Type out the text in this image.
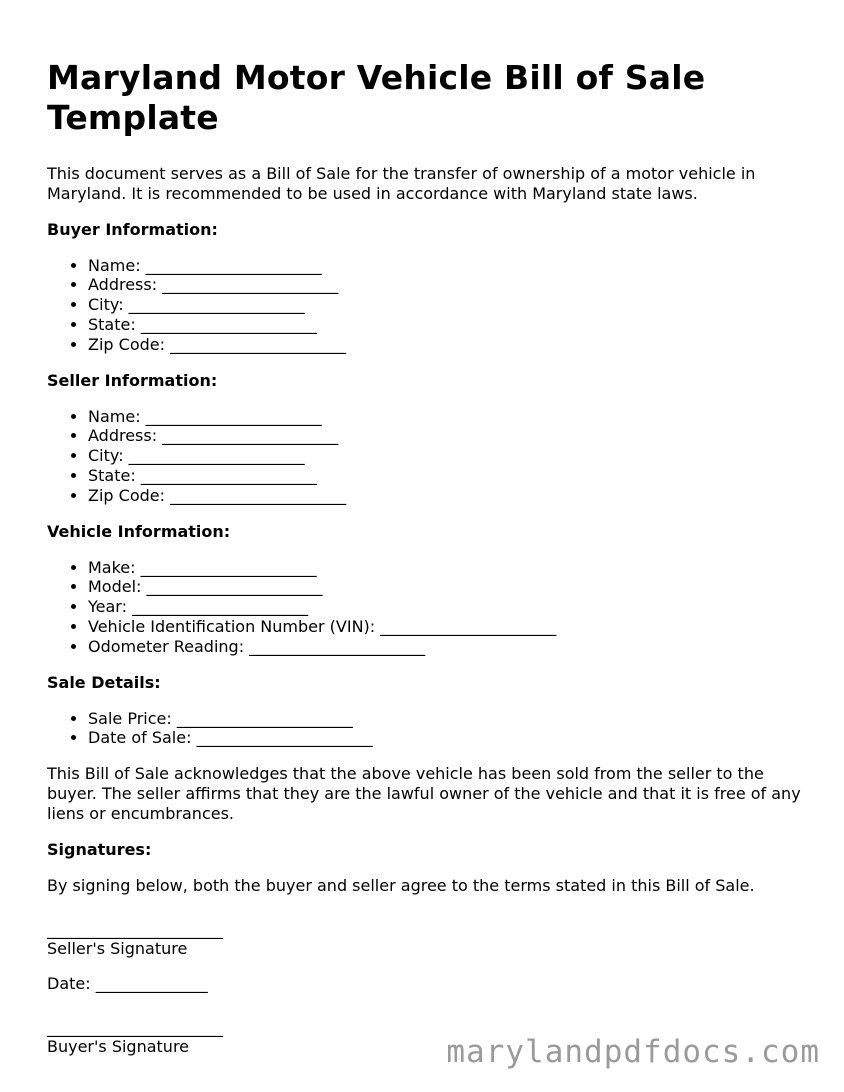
Maryland Motor Vehicle Bill of Sale Template

This document serves as a Bill of Sale for the transfer of ownership of a motor vehicle in Maryland. It is recommended to be used in accordance with Maryland state laws.

Buyer Information:
• Name: ______________________
• Address: ______________________
• City: ______________________
• State: ______________________
• Zip Code: ______________________
Seller Information:
• Name: ______________________
• Address: ______________________
• City: ______________________
• State: ______________________
• Zip Code: ______________________
Vehicle Information:
• Make: ______________________
• Model: ______________________
• Year: ______________________
• Vehicle Identification Number (VIN): ______________________
• Odometer Reading: ______________________
Sale Details:
• Sale Price: ______________________
• Date of Sale: ______________________

This Bill of Sale acknowledges that the above vehicle has been sold from the seller to the buyer. The seller affirms that they are the lawful owner of the vehicle and that it is free of any liens or encumbrances.

Signatures:

By signing below, both the buyer and seller agree to the terms stated in this Bill of Sale.

______________________
Seller's Signature
Date: ______________
______________________
Buyer's Signature	marylandpdfdocs.com
